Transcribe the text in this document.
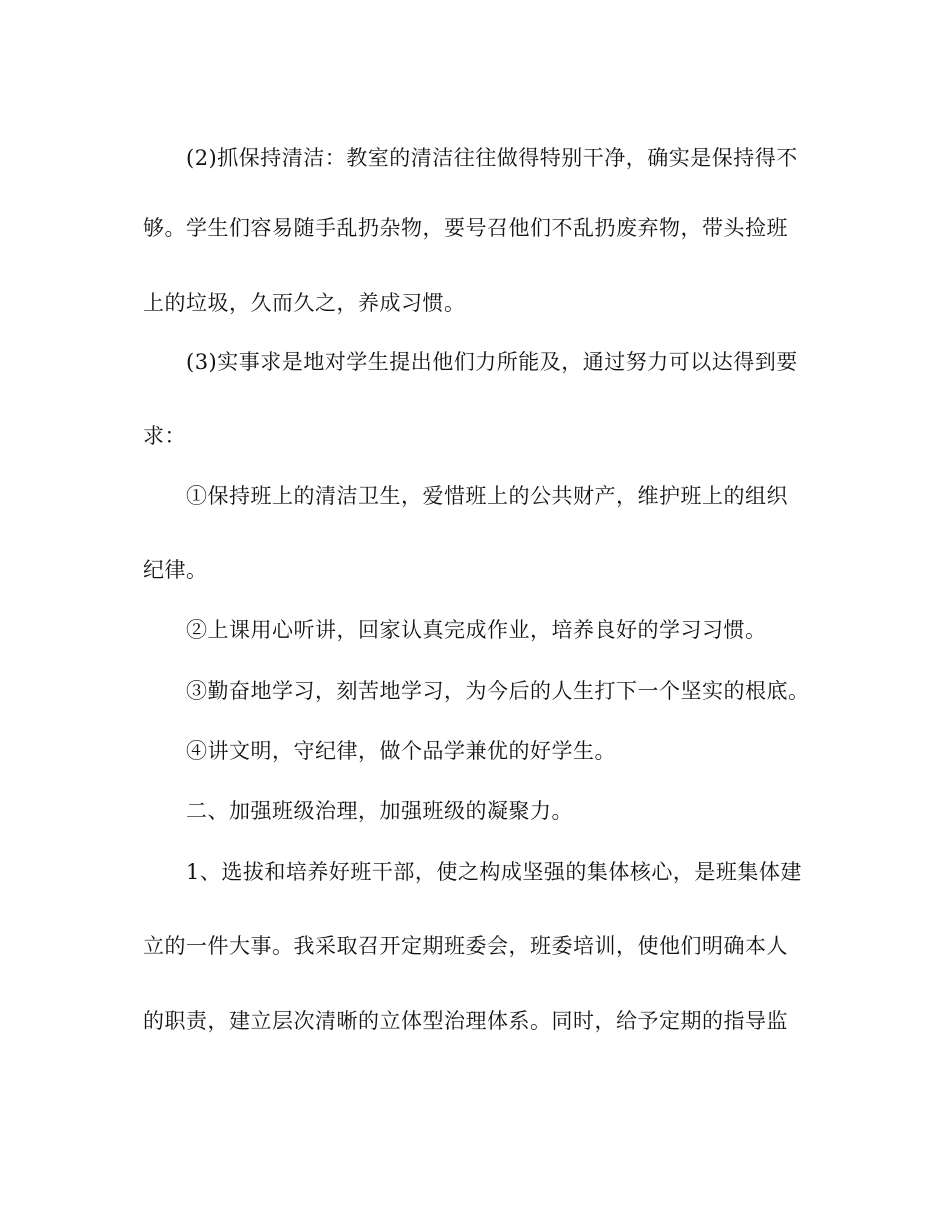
(2)抓保持清洁：教室的清洁往往做得特别干净，确实是保持得不
够。学生们容易随手乱扔杂物，要号召他们不乱扔废弃物，带头捡班
上的垃圾，久而久之，养成习惯。
(3)实事求是地对学生提出他们力所能及，通过努力可以达得到要
求：
①保持班上的清洁卫生，爱惜班上的公共财产，维护班上的组织
纪律。
②上课用心听讲，回家认真完成作业，培养良好的学习习惯。
③勤奋地学习，刻苦地学习，为今后的人生打下一个坚实的根底。
④讲文明，守纪律，做个品学兼优的好学生。
二、加强班级治理，加强班级的凝聚力。
1、选拔和培养好班干部，使之构成坚强的集体核心，是班集体建
立的一件大事。我采取召开定期班委会，班委培训，使他们明确本人
的职责，建立层次清晰的立体型治理体系。同时，给予定期的指导监
